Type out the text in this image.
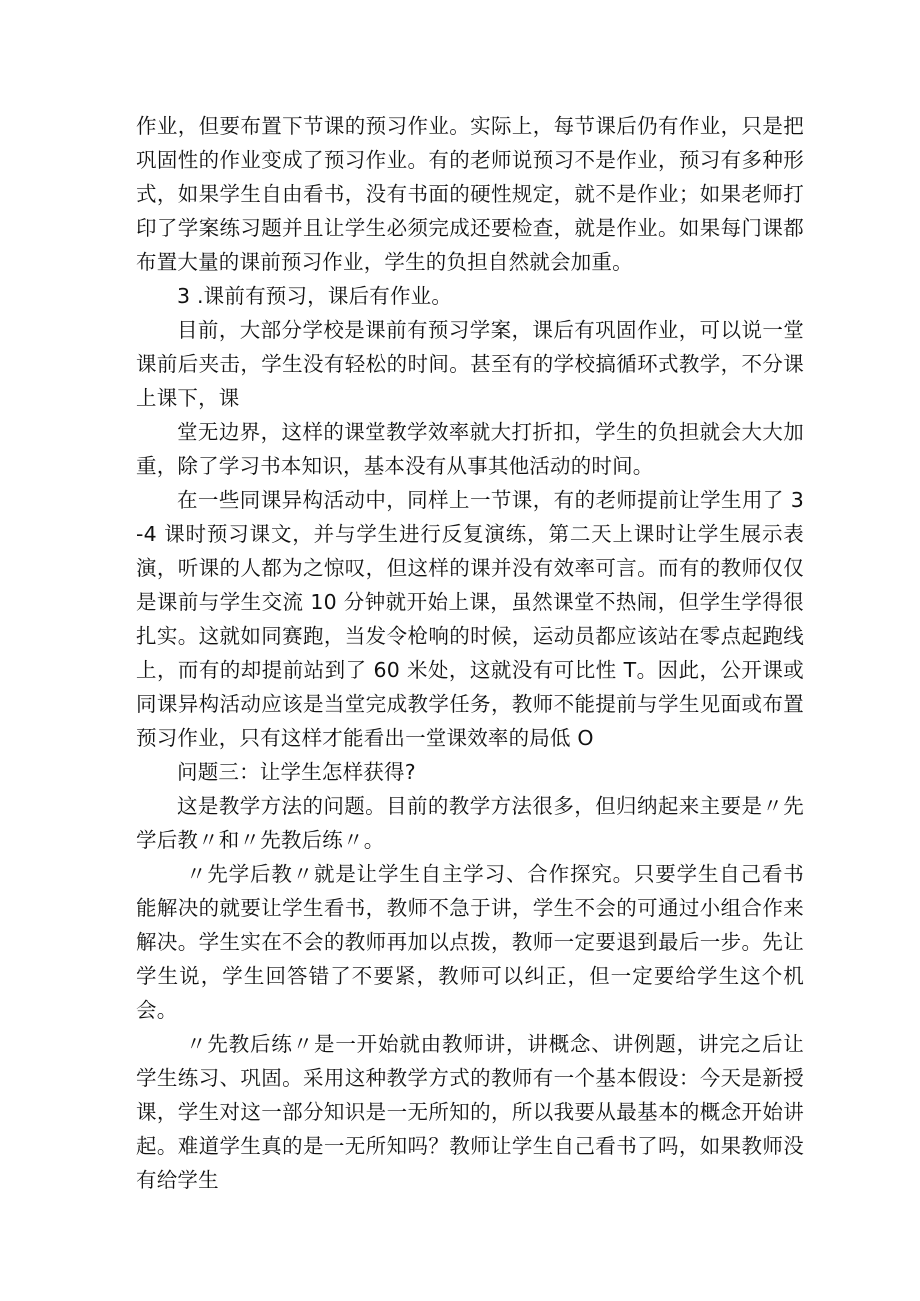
作业，但要布置下节课的预习作业。实际上，每节课后仍有作业，只是把巩固性的作业变成了预习作业。有的老师说预习不是作业，预习有多种形式，如果学生自由看书，没有书面的硬性规定，就不是作业；如果老师打印了学案练习题并且让学生必须完成还要检查，就是作业。如果每门课都布置大量的课前预习作业，学生的负担自然就会加重。

3 .课前有预习，课后有作业。

目前，大部分学校是课前有预习学案，课后有巩固作业，可以说一堂课前后夹击，学生没有轻松的时间。甚至有的学校搞循环式教学，不分课上课下，课

堂无边界，这样的课堂教学效率就大打折扣，学生的负担就会大大加重，除了学习书本知识，基本没有从事其他活动的时间。

在一些同课异构活动中，同样上一节课，有的老师提前让学生用了 3-4 课时预习课文，并与学生进行反复演练，第二天上课时让学生展示表演，听课的人都为之惊叹，但这样的课并没有效率可言。而有的教师仅仅是课前与学生交流 10 分钟就开始上课，虽然课堂不热闹，但学生学得很扎实。这就如同赛跑，当发令枪响的时候，运动员都应该站在零点起跑线上，而有的却提前站到了 60 米处，这就没有可比性 T。因此，公开课或同课异构活动应该是当堂完成教学任务，教师不能提前与学生见面或布置预习作业，只有这样才能看出一堂课效率的局低 O

问题三：让学生怎样获得?

这是教学方法的问题。目前的教学方法很多，但归纳起来主要是〃先学后教〃和〃先教后练〃。

〃先学后教〃就是让学生自主学习、合作探究。只要学生自己看书能解决的就要让学生看书，教师不急于讲，学生不会的可通过小组合作来解决。学生实在不会的教师再加以点拨，教师一定要退到最后一步。先让学生说，学生回答错了不要紧，教师可以纠正，但一定要给学生这个机会。

〃先教后练〃是一开始就由教师讲，讲概念、讲例题，讲完之后让学生练习、巩固。采用这种教学方式的教师有一个基本假设：今天是新授课，学生对这一部分知识是一无所知的，所以我要从最基本的概念开始讲起。难道学生真的是一无所知吗？教师让学生自己看书了吗，如果教师没有给学生
